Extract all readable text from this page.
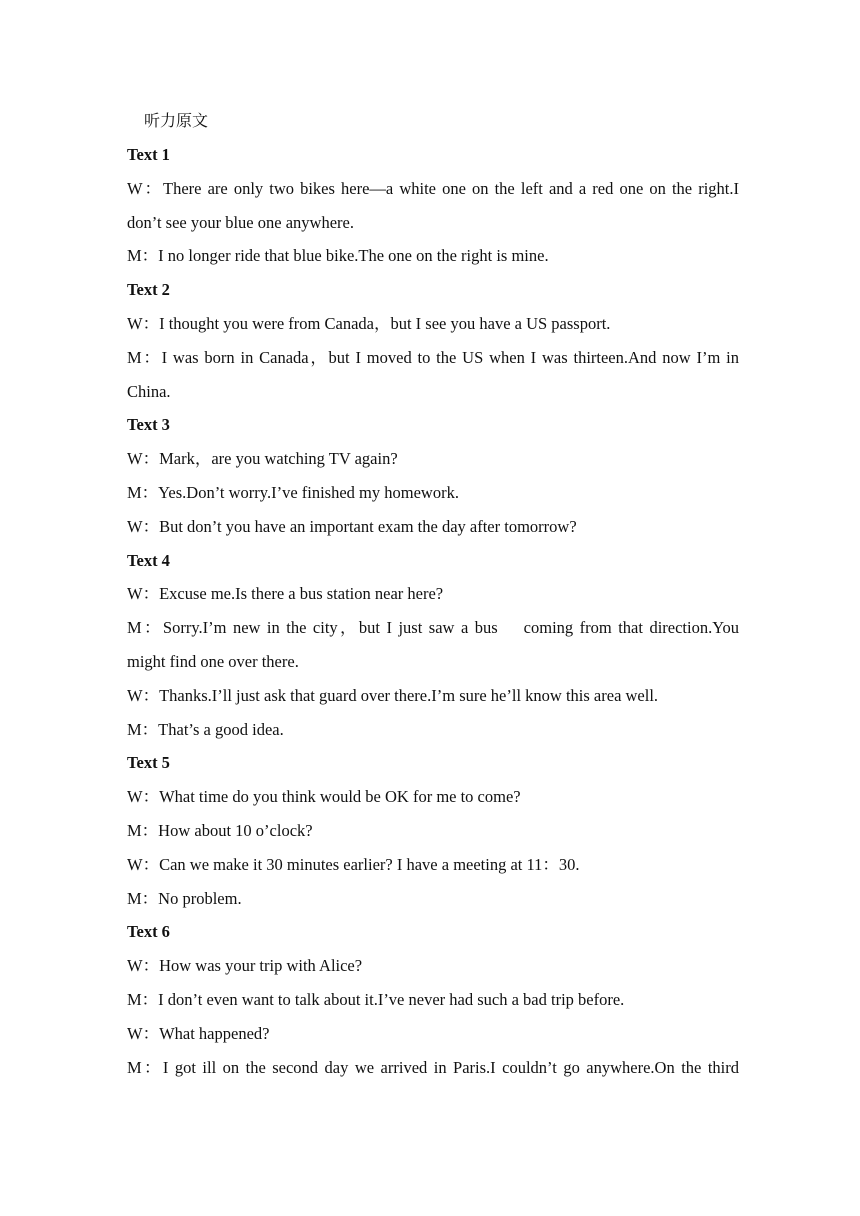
听力原文
Text 1
W：There are only two bikes here—a white one on the left and a red one on the right.I
don’t see your blue one anywhere.
M：I no longer ride that blue bike.The one on the right is mine.
Text 2
W：I thought you were from Canada，but I see you have a US passport.
M：I was born in Canada，but I moved to the US when I was thirteen.And now I’m in
China.
Text 3
W：Mark，are you watching TV again?
M：Yes.Don’t worry.I’ve finished my homework.
W：But don’t you have an important exam the day after tomorrow?
Text 4
W：Excuse me.Is there a bus station near here?
M：Sorry.I’m new in the city，but I just saw a bus    coming from that direction.You
might find one over there.
W：Thanks.I’ll just ask that guard over there.I’m sure he’ll know this area well.
M：That’s a good idea.
Text 5
W：What time do you think would be OK for me to come?
M：How about 10 o’clock?
W：Can we make it 30 minutes earlier? I have a meeting at 11：30.
M：No problem.
Text 6
W：How was your trip with Alice?
M：I don’t even want to talk about it.I’ve never had such a bad trip before.
W：What happened?
M：I got ill on the second day we arrived in Paris.I couldn’t go anywhere.On the third
